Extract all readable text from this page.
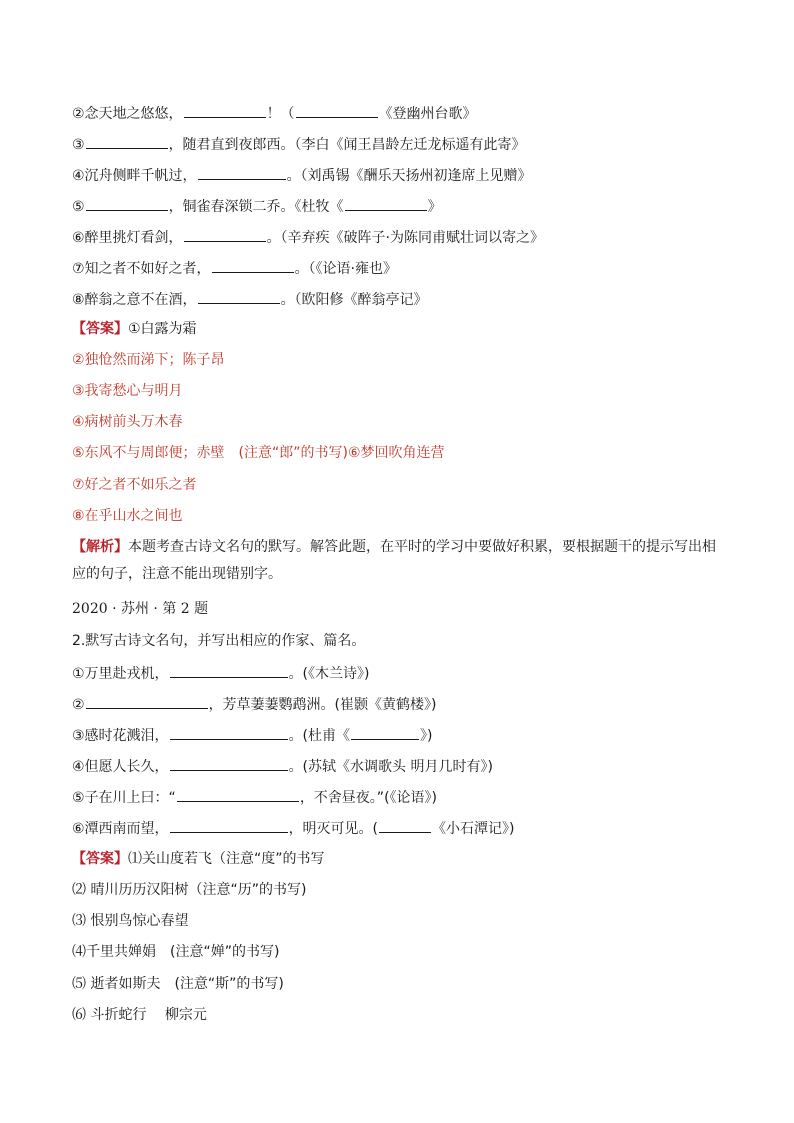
②念天地之悠悠，	！（	《登幽州台歌》
③	，随君直到夜郎西。（李白《闻王昌龄左迁龙标遥有此寄》
④沉舟侧畔千帆过，	。（刘禹锡《酬乐天扬州初逢席上见赠》
⑤	，铜雀春深锁二乔。《杜牧《	》
⑥醉里挑灯看剑，	。（辛弃疾《破阵子·为陈同甫赋壮词以寄之》
⑦知之者不如好之者，	。（《论语·雍也》
⑧醉翁之意不在酒，	。（欧阳修《醉翁亭记》
【答案】①白露为霜
②独怆然而涕下；陈子昂
③我寄愁心与明月
④病树前头万木春
⑤东风不与周郎便；赤壁　(注意“郎”的书写)⑥梦回吹角连营
⑦好之者不如乐之者
⑧在乎山水之间也
【解析】本题考查古诗文名句的默写。解答此题，在平时的学习中要做好积累，要根据题干的提示写出相应的句子，注意不能出现错别字。
2020 · 苏州 · 第 2 题
2.默写古诗文名句，并写出相应的作家、篇名。
①万里赴戎机，	。(《木兰诗》)
②	，芳草萋萋鹦鹉洲。(崔颢《黄鹤楼》)
③感时花溅泪，	。(杜甫《	》)
④但愿人长久，	。(苏轼《水调歌头 明月几时有》)
⑤子在川上曰：“	，不舍昼夜。”(《论语》)
⑥潭西南而望，	，明灭可见。(	《小石潭记》)
【答案】⑴关山度若飞（注意“度”的书写
⑵ 晴川历历汉阳树（注意“历”的书写)
⑶ 恨别鸟惊心春望
⑷千里共婵娟　(注意“婵”的书写)
⑸ 逝者如斯夫　(注意“斯”的书写)
⑹ 斗折蛇行　 柳宗元
